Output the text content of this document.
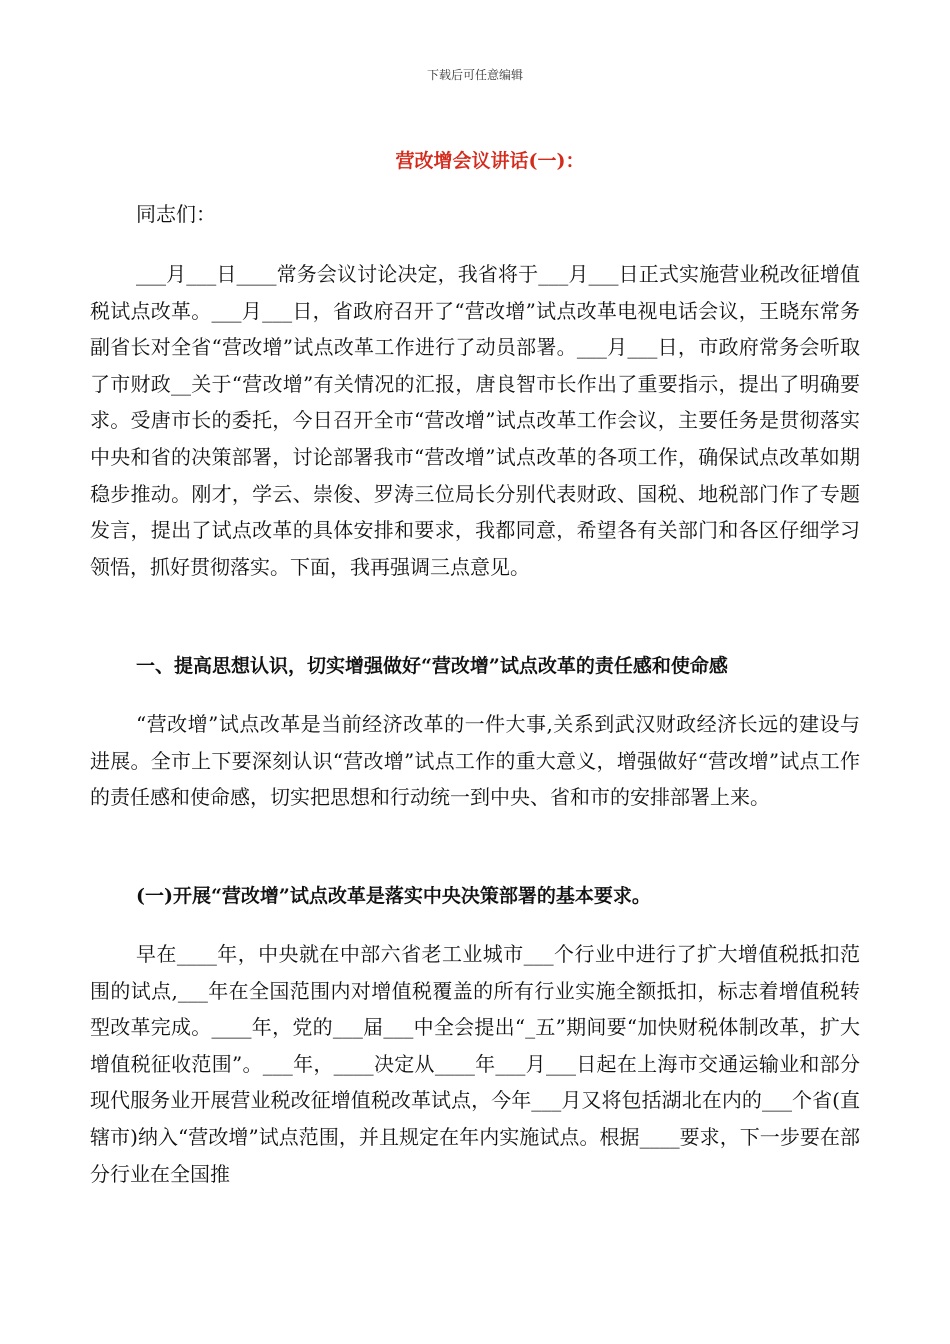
下载后可任意编辑
营改增会议讲话(一)：
同志们：
___月___日____常务会议讨论决定，我省将于___月___日正式实施营业税改征增值税试点改革。___月___日，省政府召开了“营改增”试点改革电视电话会议，王晓东常务副省长对全省“营改增”试点改革工作进行了动员部署。___月___日，市政府常务会听取了市财政__关于“营改增”有关情况的汇报，唐良智市长作出了重要指示，提出了明确要求。受唐市长的委托，今日召开全市“营改增”试点改革工作会议，主要任务是贯彻落实中央和省的决策部署，讨论部署我市“营改增”试点改革的各项工作，确保试点改革如期稳步推动。刚才，学云、崇俊、罗涛三位局长分别代表财政、国税、地税部门作了专题发言，提出了试点改革的具体安排和要求，我都同意，希望各有关部门和各区仔细学习领悟，抓好贯彻落实。下面，我再强调三点意见。
一、提高思想认识，切实增强做好“营改增”试点改革的责任感和使命感
“营改增”试点改革是当前经济改革的一件大事,关系到武汉财政经济长远的建设与进展。全市上下要深刻认识“营改增”试点工作的重大意义，增强做好“营改增”试点工作的责任感和使命感，切实把思想和行动统一到中央、省和市的安排部署上来。
(一)开展“营改增”试点改革是落实中央决策部署的基本要求。
早在____年，中央就在中部六省老工业城市___个行业中进行了扩大增值税抵扣范围的试点,___年在全国范围内对增值税覆盖的所有行业实施全额抵扣，标志着增值税转型改革完成。____年，党的___届___中全会提出“_五”期间要“加快财税体制改革，扩大增值税征收范围”。___年，____决定从____年___月___日起在上海市交通运输业和部分现代服务业开展营业税改征增值税改革试点，今年___月又将包括湖北在内的___个省(直辖市)纳入“营改增”试点范围，并且规定在年内实施试点。根据____要求，下一步要在部分行业在全国推
